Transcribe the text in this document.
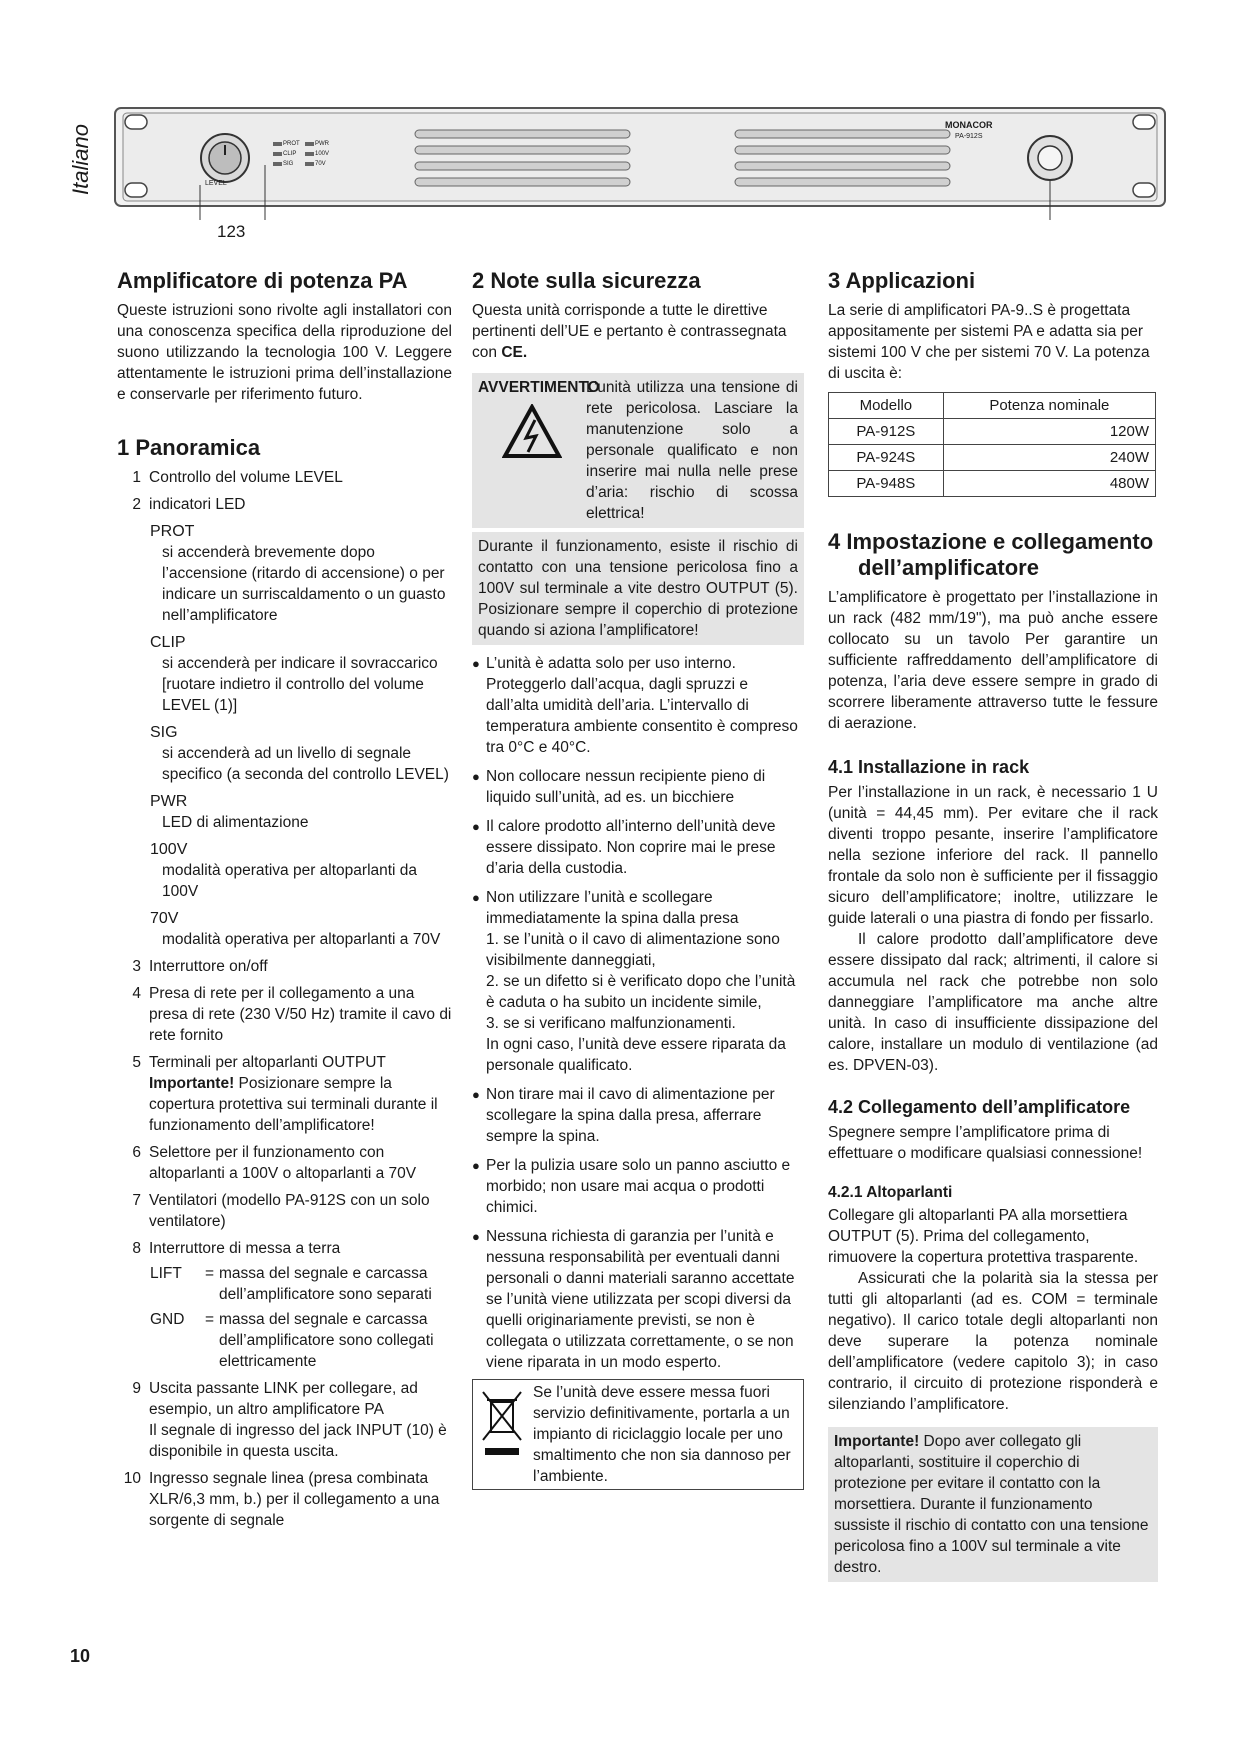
Italiano	MONACOR
PA-912S
LEVEL
PROT
CLIP
SIG
PWR
100V
70V
123
Amplificatore di potenza PA

Queste istruzioni sono rivolte agli installatori con una conoscenza specifica della riproduzione del suono utilizzando la tecnologia 100 V. Leggere attentamente le istruzioni prima dell’installazione e conservarle per riferimento futuro.

1 Panoramica
1 Controllo del volume LEVEL
2 indicatori LED
PROT
si accenderà brevemente dopo l’accensione (ritardo di accensione) o per indicare un surriscaldamento o un guasto nell’amplificatore
CLIP
si accenderà per indicare il sovraccarico [ruotare indietro il controllo del volume LEVEL (1)]
SIG
si accenderà ad un livello di segnale specifico (a seconda del controllo LEVEL)
PWR
LED di alimentazione
100V
modalità operativa per altoparlanti da 100V
70V
modalità operativa per altoparlanti a 70V
3 Interruttore on/off
4 Presa di rete per il collegamento a una presa di rete (230 V/50 Hz) tramite il cavo di rete fornito
5 Terminali per altoparlanti OUTPUT
Importante! Posizionare sempre la copertura protettiva sui terminali durante il funzionamento dell’amplificatore!
6 Selettore per il funzionamento con altoparlanti a 100V o altoparlanti a 70V
7 Ventilatori (modello PA-912S con un solo ventilatore)
8 Interruttore di messa a terra
LIFT	= massa del segnale e carcassa dell’amplificatore sono separati
GND	= massa del segnale e carcassa dell’amplificatore sono collegati elettricamente
9 Uscita passante LINK per collegare, ad esempio, un altro amplificatore PA
Il segnale di ingresso del jack INPUT (10) è disponibile in questa uscita.
10 Ingresso segnale linea (presa combinata XLR/6,3 mm, b.) per il collegamento a una sorgente di segnale
2 Note sulla sicurezza

Questa unità corrisponde a tutte le direttive pertinenti dell’UE e pertanto è contrassegnata con CE.

AVVERTIMENTO
L’unità utilizza una tensione di rete pericolosa. Lasciare la manutenzione solo a personale qualificato e non inserire mai nulla nelle prese d’aria: rischio di scossa elettrica!
Durante il funzionamento, esiste il rischio di contatto con una tensione pericolosa fino a 100V sul terminale a vite destro OUTPUT (5). Posizionare sempre il coperchio di protezione quando si aziona l’amplificatore!
● L’unità è adatta solo per uso interno. Proteggerlo dall’acqua, dagli spruzzi e dall’alta umidità dell’aria. L’intervallo di temperatura ambiente consentito è compreso tra 0°C e 40°C.
● Non collocare nessun recipiente pieno di liquido sull’unità, ad es. un bicchiere
● Il calore prodotto all’interno dell’unità deve essere dissipato. Non coprire mai le prese d’aria della custodia.
● Non utilizzare l’unità e scollegare immediatamente la spina dalla presa
1. se l’unità o il cavo di alimentazione sono visibilmente danneggiati,
2. se un difetto si è verificato dopo che l’unità è caduta o ha subito un incidente simile,
3. se si verificano malfunzionamenti.
In ogni caso, l’unità deve essere riparata da personale qualificato.
● Non tirare mai il cavo di alimentazione per scollegare la spina dalla presa, afferrare sempre la spina.
● Per la pulizia usare solo un panno asciutto e morbido; non usare mai acqua o prodotti chimici.
● Nessuna richiesta di garanzia per l’unità e nessuna responsabilità per eventuali danni personali o danni materiali saranno accettate se l’unità viene utilizzata per scopi diversi da quelli originariamente previsti, se non è collegata o utilizzata correttamente, o se non viene riparata in un modo esperto.
Se l’unità deve essere messa fuori servizio definitivamente, portarla a un impianto di riciclaggio locale per uno smaltimento che non sia dannoso per l’ambiente.
3 Applicazioni

La serie di amplificatori PA-9..S è progettata appositamente per sistemi PA e adatta sia per sistemi 100 V che per sistemi 70 V. La potenza di uscita è:

Modello	Potenza nominale
PA-912S	120W
PA-924S	240W
PA-948S	480W
4 Impostazione e collegamento
dell’amplificatore

L’amplificatore è progettato per l’installazione in un rack (482 mm/19"), ma può anche essere collocato su un tavolo Per garantire un sufficiente raffreddamento dell’amplificatore di potenza, l’aria deve essere sempre in grado di scorrere liberamente attraverso tutte le fessure di aerazione.

4.1 Installazione in rack

Per l’installazione in un rack, è necessario 1 U (unità = 44,45 mm). Per evitare che il rack diventi troppo pesante, inserire l’amplificatore nella sezione inferiore del rack. Il pannello frontale da solo non è sufficiente per il fissaggio sicuro dell’amplificatore; inoltre, utilizzare le guide laterali o una piastra di fondo per fissarlo.

Il calore prodotto dall’amplificatore deve essere dissipato dal rack; altrimenti, il calore si accumula nel rack che potrebbe non solo danneggiare l’amplificatore ma anche altre unità. In caso di insufficiente dissipazione del calore, installare un modulo di ventilazione (ad es. DPVEN-03).

4.2 Collegamento dell’amplificatore

Spegnere sempre l’amplificatore prima di effettuare o modificare qualsiasi connessione!

4.2.1 Altoparlanti

Collegare gli altoparlanti PA alla morsettiera OUTPUT (5). Prima del collegamento, rimuovere la copertura protettiva trasparente.

Assicurati che la polarità sia la stessa per tutti gli altoparlanti (ad es. COM = terminale negativo). Il carico totale degli altoparlanti non deve superare la potenza nominale dell’amplificatore (vedere capitolo 3); in caso contrario, il circuito di protezione risponderà e silenziando l’amplificatore.

Importante! Dopo aver collegato gli altoparlanti, sostituire il coperchio di protezione per evitare il contatto con la morsettiera. Durante il funzionamento sussiste il rischio di contatto con una tensione pericolosa fino a 100V sul terminale a vite destro.
10
